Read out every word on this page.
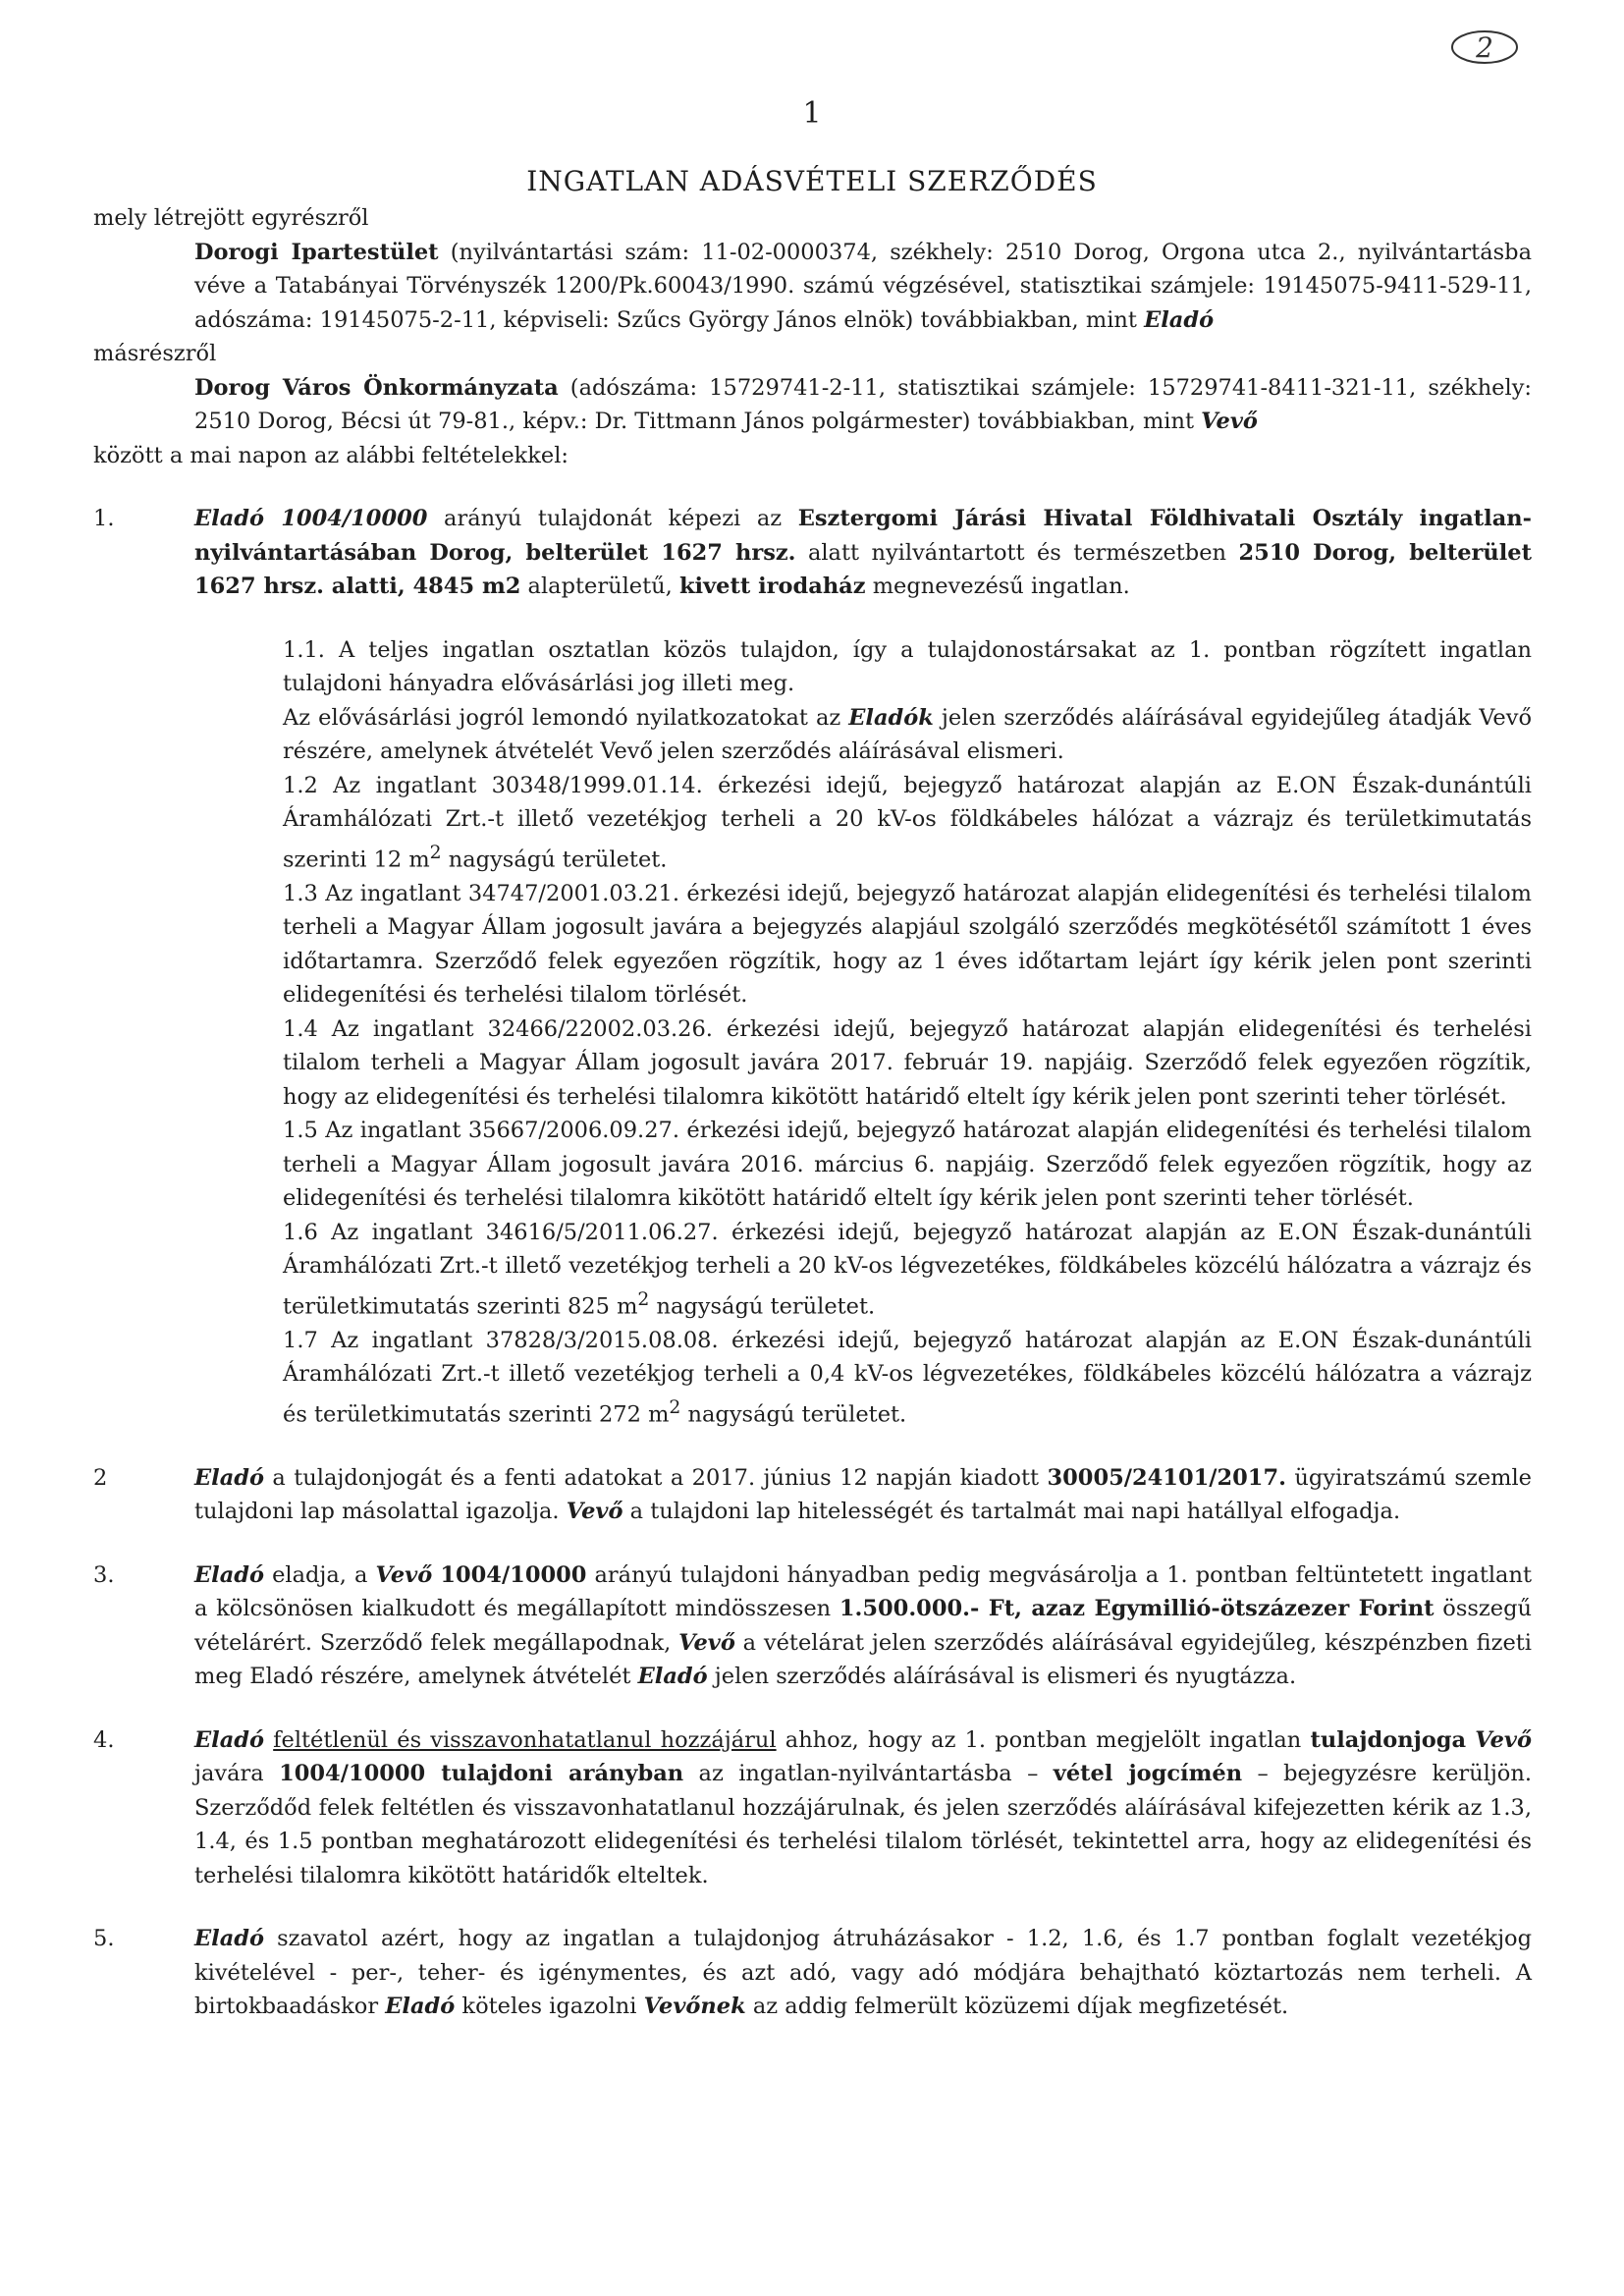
2
1
INGATLAN ADÁSVÉTELI SZERZŐDÉS

mely létrejött egyrészről

Dorogi Ipartestület (nyilvántartási szám: 11-02-0000374, székhely: 2510 Dorog, Orgona utca 2., nyilvántartásba véve a Tatabányai Törvényszék 1200/Pk.60043/1990. számú végzésével, statisztikai számjele: 19145075-9411-529-11, adószáma: 19145075-2-11, képviseli: Szűcs György János elnök) továbbiakban, mint Eladó

másrészről

Dorog Város Önkormányzata (adószáma: 15729741-2-11, statisztikai számjele: 15729741-8411-321-11, székhely: 2510 Dorog, Bécsi út 79-81., képv.: Dr. Tittmann János polgármester) továbbiakban, mint Vevő

között a mai napon az alábbi feltételekkel:

1.	Eladó 1004/10000 arányú tulajdonát képezi az Esztergomi Járási Hivatal Földhivatali Osztály ingatlan-nyilvántartásában Dorog, belterület 1627 hrsz. alatt nyilvántartott és természetben 2510 Dorog, belterület 1627 hrsz. alatti, 4845 m2 alapterületű, kivett irodaház megnevezésű ingatlan.

1.1. A teljes ingatlan osztatlan közös tulajdon, így a tulajdonostársakat az 1. pontban rögzített ingatlan tulajdoni hányadra elővásárlási jog illeti meg.

Az elővásárlási jogról lemondó nyilatkozatokat az Eladók jelen szerződés aláírásával egyidejűleg átadják Vevő részére, amelynek átvételét Vevő jelen szerződés aláírásával elismeri.

1.2 Az ingatlant 30348/1999.01.14. érkezési idejű, bejegyző határozat alapján az E.ON Észak-dunántúli Áramhálózati Zrt.-t illető vezetékjog terheli a 20 kV-os földkábeles hálózat a vázrajz és területkimutatás szerinti 12 $m^2$ nagyságú területet.

1.3 Az ingatlant 34747/2001.03.21. érkezési idejű, bejegyző határozat alapján elidegenítési és terhelési tilalom terheli a Magyar Állam jogosult javára a bejegyzés alapjául szolgáló szerződés megkötésétől számított 1 éves időtartamra. Szerződő felek egyezően rögzítik, hogy az 1 éves időtartam lejárt így kérik jelen pont szerinti elidegenítési és terhelési tilalom törlését.

1.4 Az ingatlant 32466/22002.03.26. érkezési idejű, bejegyző határozat alapján elidegenítési és terhelési tilalom terheli a Magyar Állam jogosult javára 2017. február 19. napjáig. Szerződő felek egyezően rögzítik, hogy az elidegenítési és terhelési tilalomra kikötött határidő eltelt így kérik jelen pont szerinti teher törlését.

1.5 Az ingatlant 35667/2006.09.27. érkezési idejű, bejegyző határozat alapján elidegenítési és terhelési tilalom terheli a Magyar Állam jogosult javára 2016. március 6. napjáig. Szerződő felek egyezően rögzítik, hogy az elidegenítési és terhelési tilalomra kikötött határidő eltelt így kérik jelen pont szerinti teher törlését.

1.6 Az ingatlant 34616/5/2011.06.27. érkezési idejű, bejegyző határozat alapján az E.ON Észak-dunántúli Áramhálózati Zrt.-t illető vezetékjog terheli a 20 kV-os légvezetékes, földkábeles közcélú hálózatra a vázrajz és területkimutatás szerinti 825 $m^2$ nagyságú területet.

1.7 Az ingatlant 37828/3/2015.08.08. érkezési idejű, bejegyző határozat alapján az E.ON Észak-dunántúli Áramhálózati Zrt.-t illető vezetékjog terheli a 0,4 kV-os légvezetékes, földkábeles közcélú hálózatra a vázrajz és területkimutatás szerinti 272 $m^2$ nagyságú területet.

2	Eladó a tulajdonjogát és a fenti adatokat a 2017. június 12 napján kiadott 30005/24101/2017. ügyiratszámú szemle tulajdoni lap másolattal igazolja. Vevő a tulajdoni lap hitelességét és tartalmát mai napi hatállyal elfogadja.

3.	Eladó eladja, a Vevő 1004/10000 arányú tulajdoni hányadban pedig megvásárolja a 1. pontban feltüntetett ingatlant a kölcsönösen kialkudott és megállapított mindösszesen 1.500.000.- Ft, azaz Egymillió-ötszázezer Forint összegű vételárért. Szerződő felek megállapodnak, Vevő a vételárat jelen szerződés aláírásával egyidejűleg, készpénzben fizeti meg Eladó részére, amelynek átvételét Eladó jelen szerződés aláírásával is elismeri és nyugtázza.

4.	Eladó feltétlenül és visszavonhatatlanul hozzájárul ahhoz, hogy az 1. pontban megjelölt ingatlan tulajdonjoga Vevő javára 1004/10000 tulajdoni arányban az ingatlan-nyilvántartásba – vétel jogcímén – bejegyzésre kerüljön. Szerződőd felek feltétlen és visszavonhatatlanul hozzájárulnak, és jelen szerződés aláírásával kifejezetten kérik az 1.3, 1.4, és 1.5 pontban meghatározott elidegenítési és terhelési tilalom törlését, tekintettel arra, hogy az elidegenítési és terhelési tilalomra kikötött határidők elteltek.

5.	Eladó szavatol azért, hogy az ingatlan a tulajdonjog átruházásakor - 1.2, 1.6, és 1.7 pontban foglalt vezetékjog kivételével - per-, teher- és igénymentes, és azt adó, vagy adó módjára behajtható köztartozás nem terheli. A birtokbaadáskor Eladó köteles igazolni Vevőnek az addig felmerült közüzemi díjak megfizetését.
